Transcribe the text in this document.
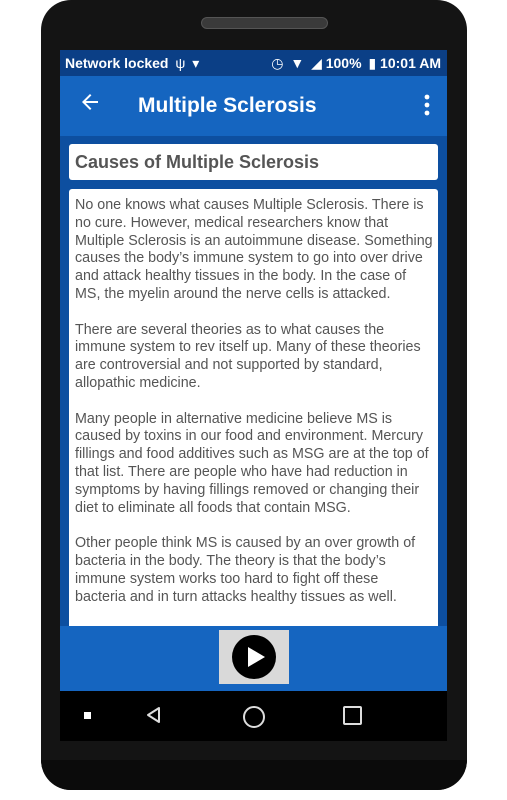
Network locked ψ ▾	◷ ▼ ◢ 100% ▮ 10:01 AM
Multiple Sclerosis
Causes of Multiple Sclerosis

No one knows what causes Multiple Sclerosis. There is no cure. However, medical researchers know that Multiple Sclerosis is an autoimmune disease. Something causes the body’s immune system to go into over drive and attack healthy tissues in the body. In the case of MS, the myelin around the nerve cells is attacked.

There are several theories as to what causes the immune system to rev itself up. Many of these theories are controversial and not supported by standard, allopathic medicine.

Many people in alternative medicine believe MS is caused by toxins in our food and environment. Mercury fillings and food additives such as MSG are at the top of that list. There are people who have had reduction in symptoms by having fillings removed or changing their diet to eliminate all foods that contain MSG.

Other people think MS is caused by an over growth of bacteria in the body. The theory is that the body’s immune system works too hard to fight off these bacteria and in turn attacks healthy tissues as well.
